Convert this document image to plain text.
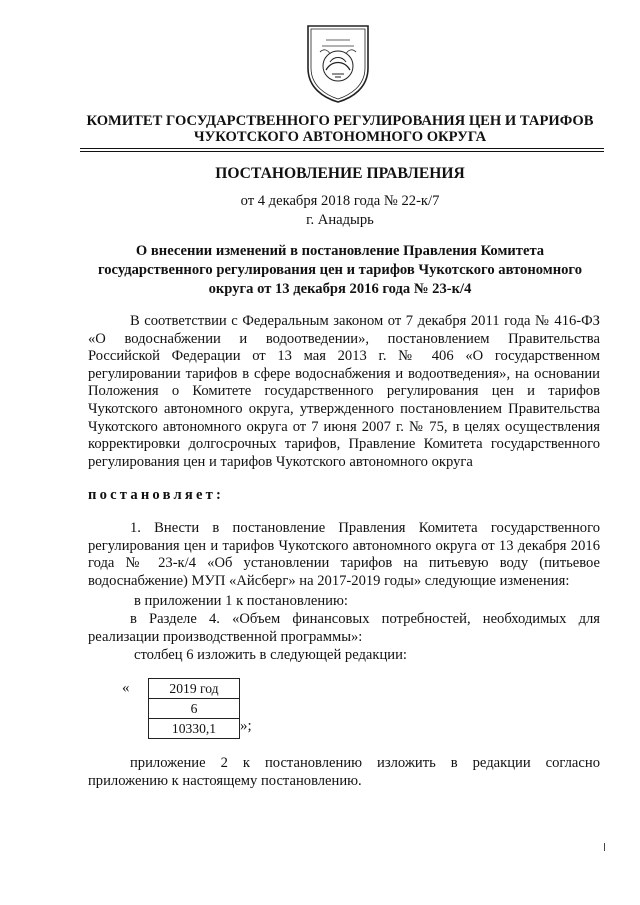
КОМИТЕТ ГОСУДАРСТВЕННОГО РЕГУЛИРОВАНИЯ ЦЕН И ТАРИФОВ
ЧУКОТСКОГО АВТОНОМНОГО ОКРУГА
ПОСТАНОВЛЕНИЕ ПРАВЛЕНИЯ
от 4 декабря 2018 года № 22-к/7
г. Анадырь
О внесении изменений в постановление Правления Комитета
государственного регулирования цен и тарифов Чукотского автономного
округа от 13 декабря 2016 года № 23-к/4
В соответствии с Федеральным законом от 7 декабря 2011 года № 416-ФЗ «О водоснабжении и водоотведении», постановлением Правительства Российской Федерации от 13 мая 2013 г. № 406 «О государственном регулировании тарифов в сфере водоснабжения и водоотведения», на основании Положения о Комитете государственного регулирования цен и тарифов Чукотского автономного округа, утвержденного постановлением Правительства Чукотского автономного округа от 7 июня 2007 г. № 75, в целях осуществления корректировки долгосрочных тарифов, Правление Комитета государственного регулирования цен и тарифов Чукотского автономного округа
постановляет:
1. Внести в постановление Правления Комитета государственного регулирования цен и тарифов Чукотского автономного округа от 13 декабря 2016 года № 23-к/4 «Об установлении тарифов на питьевую воду (питьевое водоснабжение) МУП «Айсберг» на 2017-2019 годы» следующие изменения:
в приложении 1 к постановлению:
в Разделе 4. «Объем финансовых потребностей, необходимых для реализации производственной программы»:
столбец 6 изложить в следующей редакции:
«	2019 год
6
10330,1 »;
приложение 2 к постановлению изложить в редакции согласно приложению к настоящему постановлению.
